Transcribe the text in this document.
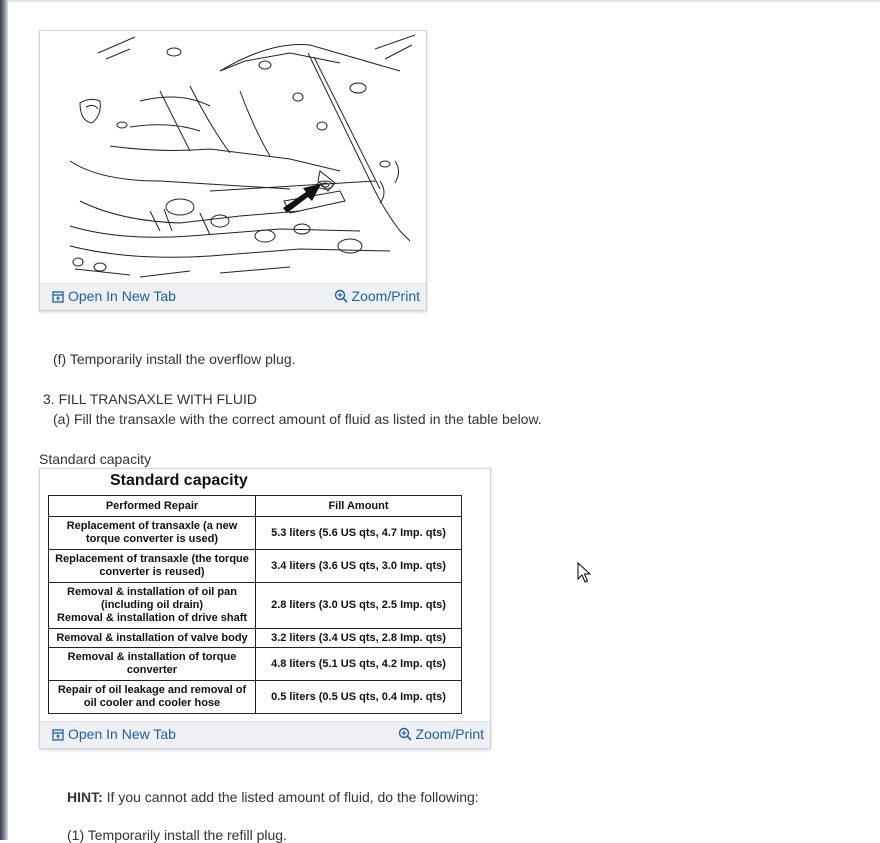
Open In New Tab	Zoom/Print
(f) Temporarily install the overflow plug.
3. FILL TRANSAXLE WITH FLUID
(a) Fill the transaxle with the correct amount of fluid as listed in the table below.
Standard capacity
Standard capacity
Performed Repair	Fill Amount
Replacement of transaxle (a new
torque converter is used)	5.3 liters (5.6 US qts, 4.7 Imp. qts)
Replacement of transaxle (the torque
converter is reused)	3.4 liters (3.6 US qts, 3.0 Imp. qts)
Removal & installation of oil pan
(including oil drain)
Removal & installation of drive shaft	2.8 liters (3.0 US qts, 2.5 Imp. qts)
Removal & installation of valve body	3.2 liters (3.4 US qts, 2.8 Imp. qts)
Removal & installation of torque
converter	4.8 liters (5.1 US qts, 4.2 Imp. qts)
Repair of oil leakage and removal of
oil cooler and cooler hose	0.5 liters (0.5 US qts, 0.4 Imp. qts)
Open In New Tab	Zoom/Print
HINT: If you cannot add the listed amount of fluid, do the following:
(1) Temporarily install the refill plug.
